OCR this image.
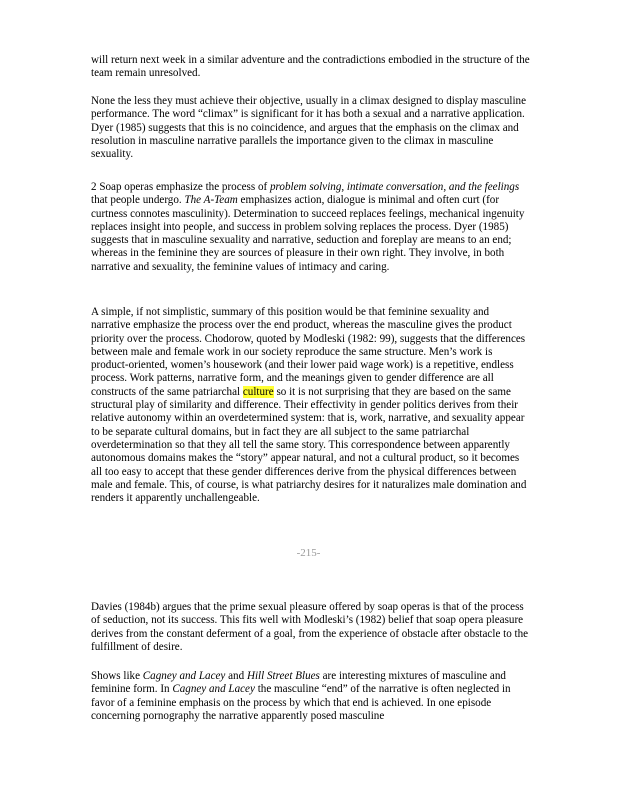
will return next week in a similar adventure and the contradictions embodied in the structure of the team remain unresolved.

None the less they must achieve their objective, usually in a climax designed to display masculine performance. The word “climax” is significant for it has both a sexual and a narrative application. Dyer (1985) suggests that this is no coincidence, and argues that the emphasis on the climax and resolution in masculine narrative parallels the importance given to the climax in masculine sexuality.

2 Soap operas emphasize the process of problem solving, intimate conversation, and the feelings that people undergo. The A-Team emphasizes action, dialogue is minimal and often curt (for curtness connotes masculinity). Determination to succeed replaces feelings, mechanical ingenuity replaces insight into people, and success in problem solving replaces the process. Dyer (1985) suggests that in masculine sexuality and narrative, seduction and foreplay are means to an end; whereas in the feminine they are sources of pleasure in their own right. They involve, in both narrative and sexuality, the feminine values of intimacy and caring.

A simple, if not simplistic, summary of this position would be that feminine sexuality and narrative emphasize the process over the end product, whereas the masculine gives the product priority over the process. Chodorow, quoted by Modleski (1982: 99), suggests that the differences between male and female work in our society reproduce the same structure. Men’s work is product-oriented, women’s housework (and their lower paid wage work) is a repetitive, endless process. Work patterns, narrative form, and the meanings given to gender difference are all constructs of the same patriarchal culture so it is not surprising that they are based on the same structural play of similarity and difference. Their effectivity in gender politics derives from their relative autonomy within an overdetermined system: that is, work, narrative, and sexuality appear to be separate cultural domains, but in fact they are all subject to the same patriarchal overdetermination so that they all tell the same story. This correspondence between apparently autonomous domains makes the “story” appear natural, and not a cultural product, so it becomes all too easy to accept that these gender differences derive from the physical differences between male and female. This, of course, is what patriarchy desires for it naturalizes male domination and renders it apparently unchallengeable.

-215-

Davies (1984b) argues that the prime sexual pleasure offered by soap operas is that of the process of seduction, not its success. This fits well with Modleski’s (1982) belief that soap opera pleasure derives from the constant deferment of a goal, from the experience of obstacle after obstacle to the fulfillment of desire.

Shows like Cagney and Lacey and Hill Street Blues are interesting mixtures of masculine and feminine form. In Cagney and Lacey the masculine “end” of the narrative is often neglected in favor of a feminine emphasis on the process by which that end is achieved. In one episode concerning pornography the narrative apparently posed masculine
